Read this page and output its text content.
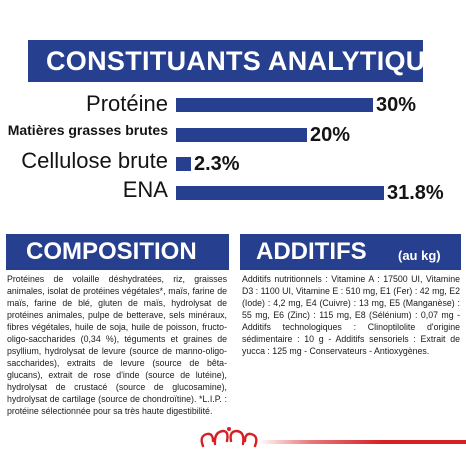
CONSTITUANTS ANALYTIQUES
Protéine	30%
Matières grasses brutes	20%
Cellulose brute 2.3%
ENA	31.8%
COMPOSITION
Protéines de volaille déshydratées, riz, graisses animales, isolat de protéines végétales*, maïs, farine de maïs, farine de blé, gluten de maïs, hydrolysat de protéines animales, pulpe de betterave, sels minéraux, fibres végétales, huile de soja, huile de poisson, fructo-oligo-saccharides (0,34 %), téguments et graines de psyllium, hydrolysat de levure (source de manno-oligo-saccharides), extraits de levure (source de bêta-glucans), extrait de rose d'inde (source de lutéine), hydrolysat de crustacé (source de glucosamine), hydrolysat de cartilage (source de chondroïtine). *L.I.P. : protéine sélectionnée pour sa très haute digestibilité.
ADDITIFS (au kg)
Additifs nutritionnels : Vitamine A : 17500 UI, Vitamine D3 : 1100 UI, Vitamine E : 510 mg, E1 (Fer) : 42 mg, E2 (Iode) : 4,2 mg, E4 (Cuivre) : 13 mg, E5 (Manganèse) : 55 mg, E6 (Zinc) : 115 mg, E8 (Sélénium) : 0,07 mg - Additifs technologiques : Clinoptilolite d'origine sédimentaire : 10 g - Additifs sensoriels : Extrait de yucca : 125 mg - Conservateurs - Antioxygènes.
